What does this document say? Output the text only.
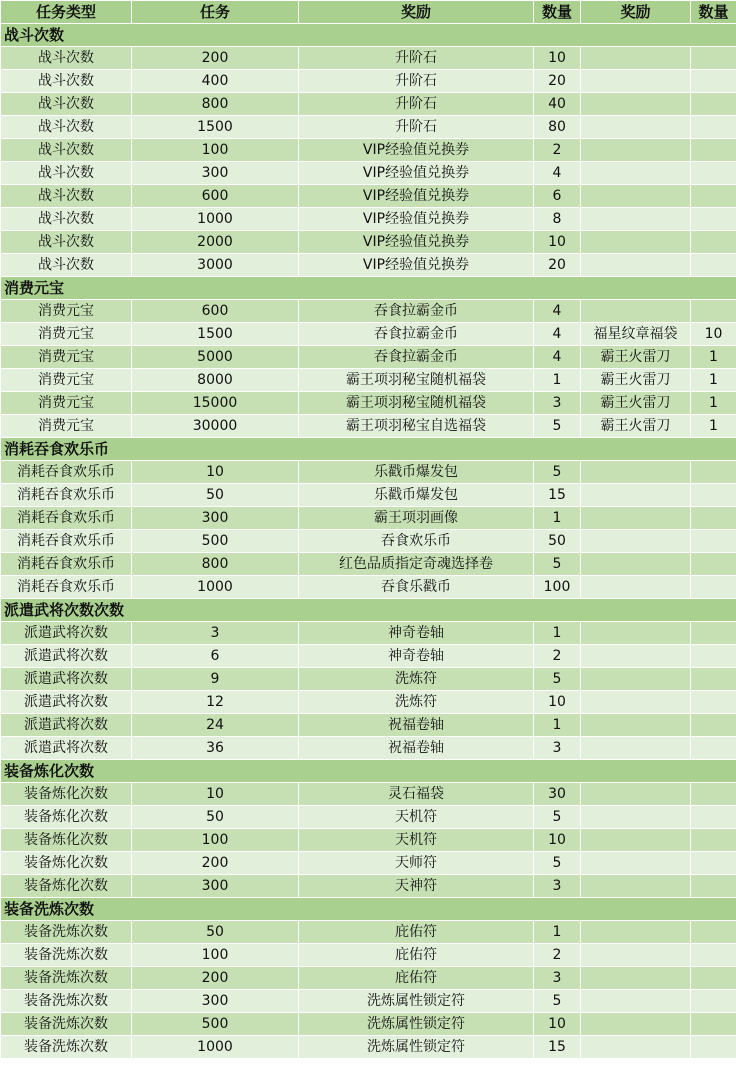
任务类型	任务	奖励	数量	奖励	数量
战斗次数					
战斗次数	200	升阶石	10		
战斗次数	400	升阶石	20		
战斗次数	800	升阶石	40		
战斗次数	1500	升阶石	80		
战斗次数	100	VIP经验值兑换券	2		
战斗次数	300	VIP经验值兑换券	4		
战斗次数	600	VIP经验值兑换券	6		
战斗次数	1000	VIP经验值兑换券	8		
战斗次数	2000	VIP经验值兑换券	10		
战斗次数	3000	VIP经验值兑换券	20		
消费元宝					
消费元宝	600	吞食拉霸金币	4		
消费元宝	1500	吞食拉霸金币	4	福星纹章福袋	10
消费元宝	5000	吞食拉霸金币	4	霸王火雷刀	1
消费元宝	8000	霸王项羽秘宝随机福袋	1	霸王火雷刀	1
消费元宝	15000	霸王项羽秘宝随机福袋	3	霸王火雷刀	1
消费元宝	30000	霸王项羽秘宝自选福袋	5	霸王火雷刀	1
消耗吞食欢乐币					
消耗吞食欢乐币	10	乐戳币爆发包	5		
消耗吞食欢乐币	50	乐戳币爆发包	15		
消耗吞食欢乐币	300	霸王项羽画像	1		
消耗吞食欢乐币	500	吞食欢乐币	50		
消耗吞食欢乐币	800	红色品质指定奇魂选择卷	5		
消耗吞食欢乐币	1000	吞食乐戳币	100		
派遣武将次数次数					
派遣武将次数	3	神奇卷轴	1		
派遣武将次数	6	神奇卷轴	2		
派遣武将次数	9	洗炼符	5		
派遣武将次数	12	洗炼符	10		
派遣武将次数	24	祝福卷轴	1		
派遣武将次数	36	祝福卷轴	3		
装备炼化次数					
装备炼化次数	10	灵石福袋	30		
装备炼化次数	50	天机符	5		
装备炼化次数	100	天机符	10		
装备炼化次数	200	天师符	5		
装备炼化次数	300	天神符	3		
装备洗炼次数					
装备洗炼次数	50	庇佑符	1		
装备洗炼次数	100	庇佑符	2		
装备洗炼次数	200	庇佑符	3		
装备洗炼次数	300	洗炼属性锁定符	5		
装备洗炼次数	500	洗炼属性锁定符	10		
装备洗炼次数	1000	洗炼属性锁定符	15		
